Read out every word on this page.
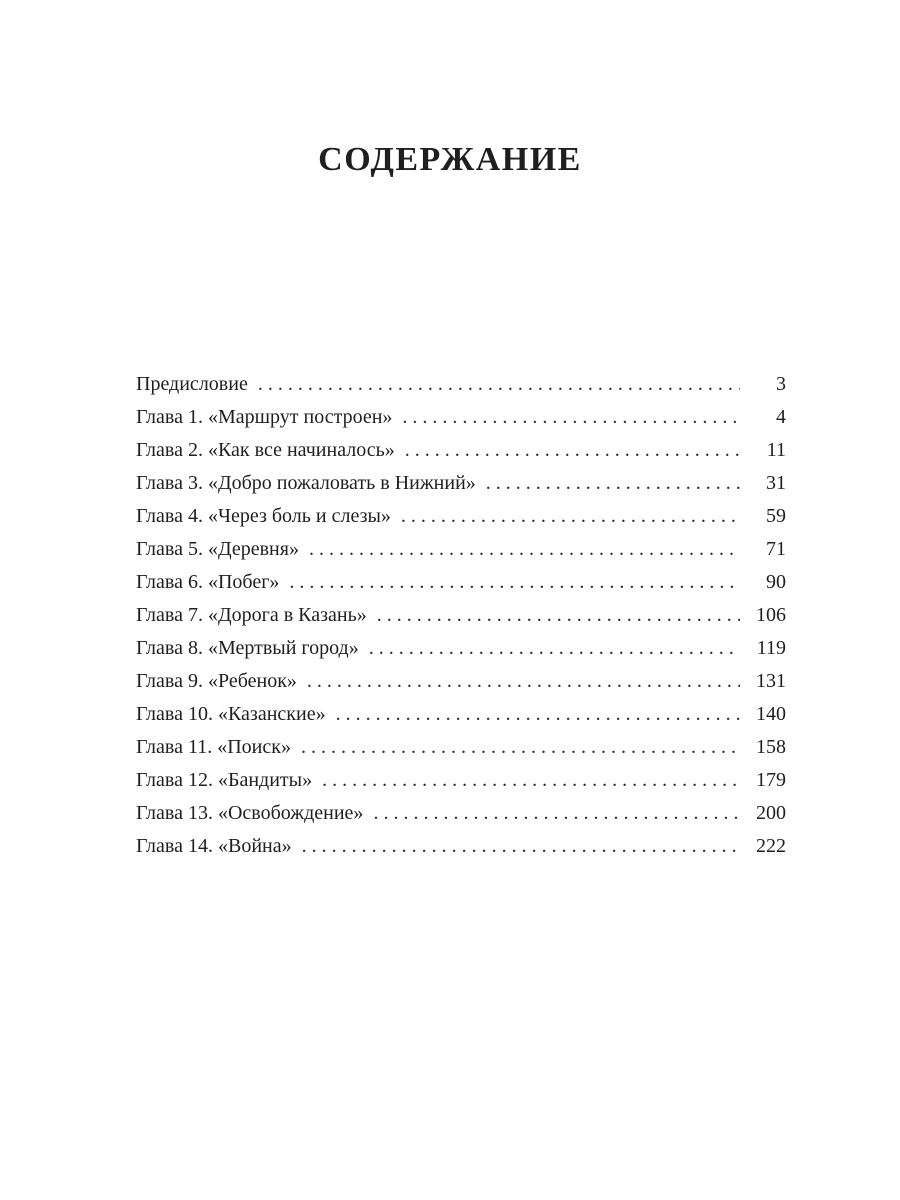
СОДЕРЖАНИЕ
Предисловие . . .	3
Глава 1. «Маршрут построен» . . .	4
Глава 2. «Как все начиналось» . . .	11
Глава 3. «Добро пожаловать в Нижний» . . .	31
Глава 4. «Через боль и слезы» . . .	59
Глава 5. «Деревня» . . .	71
Глава 6. «Побег» . . .	90
Глава 7. «Дорога в Казань» . . .	106
Глава 8. «Мертвый город» . . .	119
Глава 9. «Ребенок» . . .	131
Глава 10. «Казанские» . . .	140
Глава 11. «Поиск» . . .	158
Глава 12. «Бандиты» . . .	179
Глава 13. «Освобождение» . . .	200
Глава 14. «Война» . . .	222
